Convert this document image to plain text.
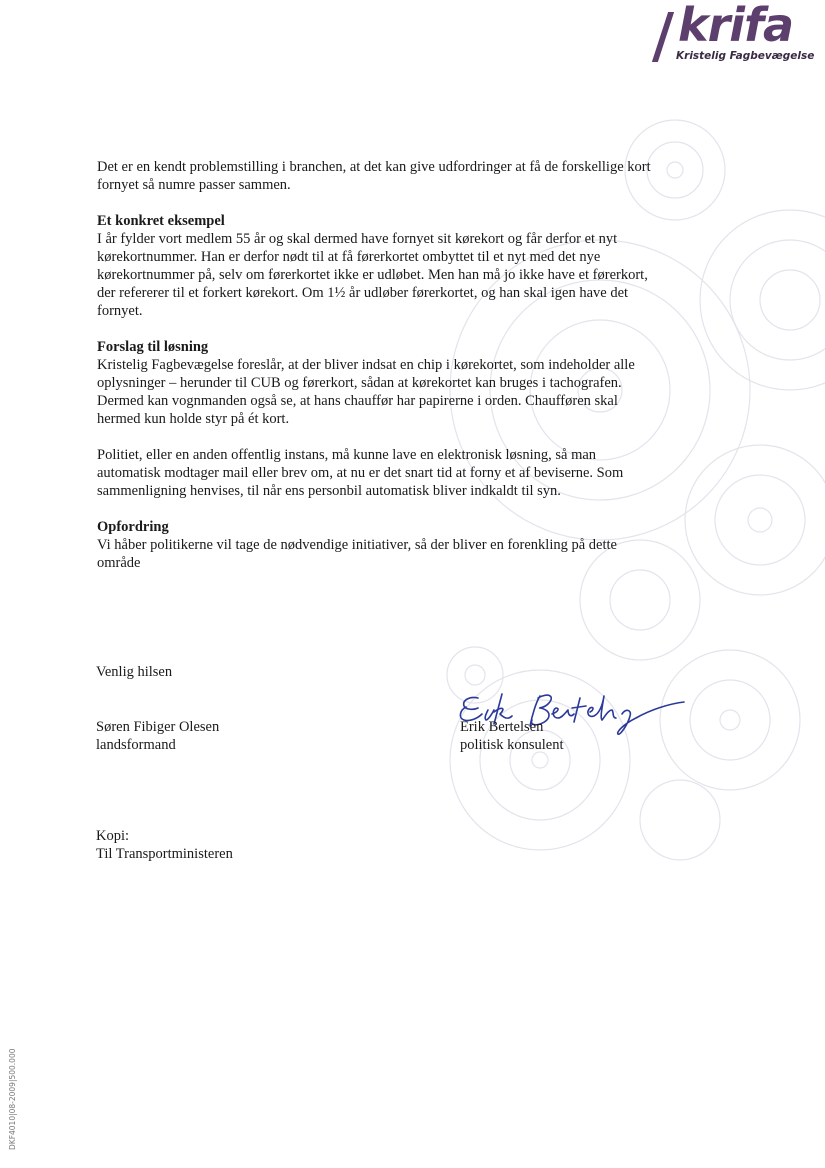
krifa
Kristelig Fagbevægelse

Det er en kendt problemstilling i branchen, at det kan give udfordringer at få de forskellige kort fornyet så numre passer sammen.

Et konkret eksempel
I år fylder vort medlem 55 år og skal dermed have fornyet sit kørekort og får derfor et nyt kørekortnummer. Han er derfor nødt til at få førerkortet ombyttet til et nyt med det nye kørekortnummer på, selv om førerkortet ikke er udløbet. Men han må jo ikke have et førerkort, der refererer til et forkert kørekort. Om 1½ år udløber førerkortet, og han skal igen have det fornyet.
Forslag til løsning
Kristelig Fagbevægelse foreslår, at der bliver indsat en chip i kørekortet, som indeholder alle oplysninger – herunder til CUB og førerkort, sådan at kørekortet kan bruges i tachografen. Dermed kan vognmanden også se, at hans chauffør har papirerne i orden. Chaufføren skal hermed kun holde styr på ét kort.

Politiet, eller en anden offentlig instans, må kunne lave en elektronisk løsning, så man automatisk modtager mail eller brev om, at nu er det snart tid at forny et af beviserne. Som sammenligning henvises, til når ens personbil automatisk bliver indkaldt til syn.

Opfordring
Vi håber politikerne vil tage de nødvendige initiativer, så der bliver en forenkling på dette område
Venlig hilsen
Søren Fibiger Olesen
landsformand
Erik Bertelsen
politisk konsulent
Kopi:
Til Transportministeren
DKF4010|08-2009|500.000
